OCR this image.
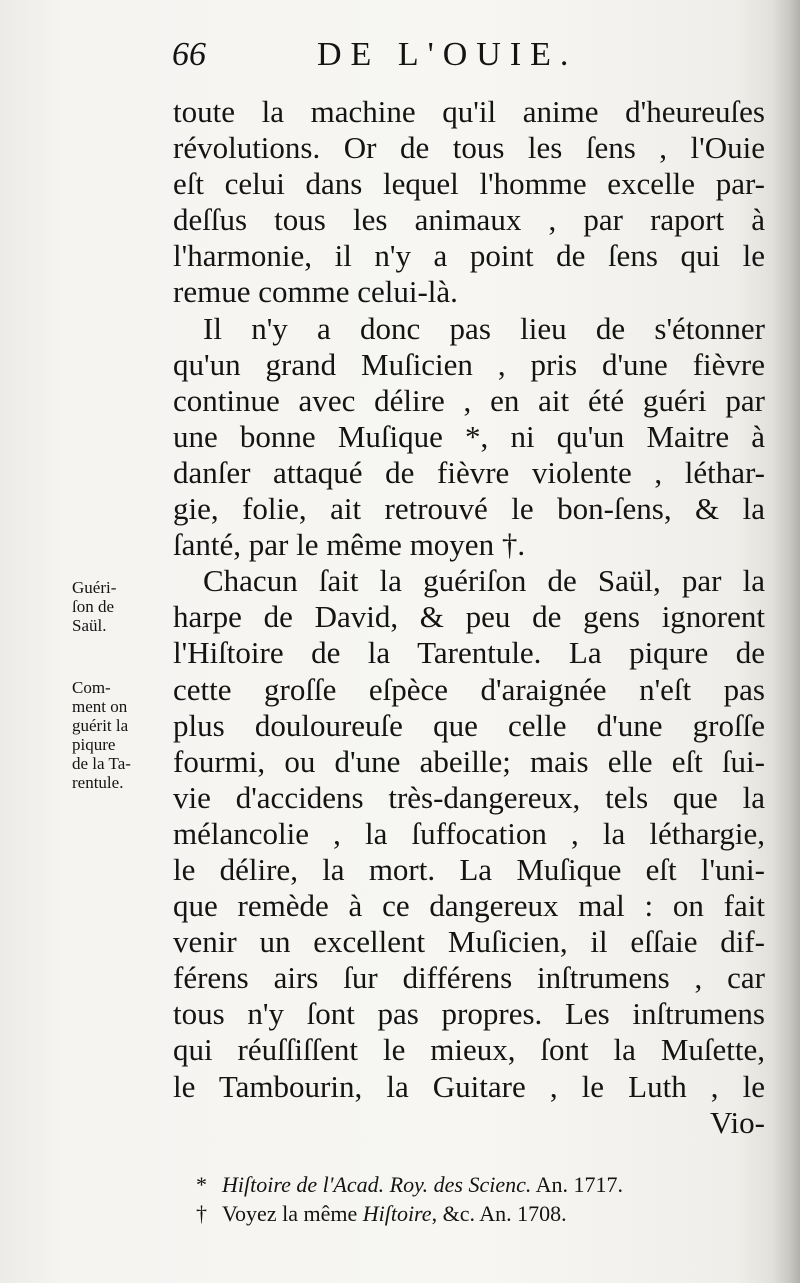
66	DE L'OUIE.
toute la machine qu'il anime d'heureuſes
révolutions. Or de tous les ſens , l'Ouie
eſt celui dans lequel l'homme excelle par-
deſſus tous les animaux , par raport à
l'harmonie, il n'y a point de ſens qui le
remue comme celui-là.
Il n'y a donc pas lieu de s'étonner
qu'un grand Muſicien , pris d'une fièvre
continue avec délire , en ait été guéri par
une bonne Muſique *, ni qu'un Maitre à
danſer attaqué de fièvre violente , léthar-
gie, folie, ait retrouvé le bon-ſens, & la
ſanté, par le même moyen †.
Chacun ſait la guériſon de Saül, par la
harpe de David, & peu de gens ignorent
l'Hiſtoire de la Tarentule. La piqure de
cette groſſe eſpèce d'araignée n'eſt pas
plus douloureuſe que celle d'une groſſe
fourmi, ou d'une abeille; mais elle eſt ſui-
vie d'accidens très-dangereux, tels que la
mélancolie , la ſuffocation , la léthargie,
le délire, la mort. La Muſique eſt l'uni-
que remède à ce dangereux mal : on fait
venir un excellent Muſicien, il eſſaie dif-
férens airs ſur différens inſtrumens , car
tous n'y ſont pas propres. Les inſtrumens
qui réuſſiſſent le mieux, ſont la Muſette,
le Tambourin, la Guitare , le Luth , le
Vio-
Guéri-
ſon de
Saül.
Com-
ment on
guérit la
piqure
de la Ta-
rentule.
* Hiſtoire de l'Acad. Roy. des Scienc. An. 1717.
† Voyez la même Hiſtoire, &c. An. 1708.
